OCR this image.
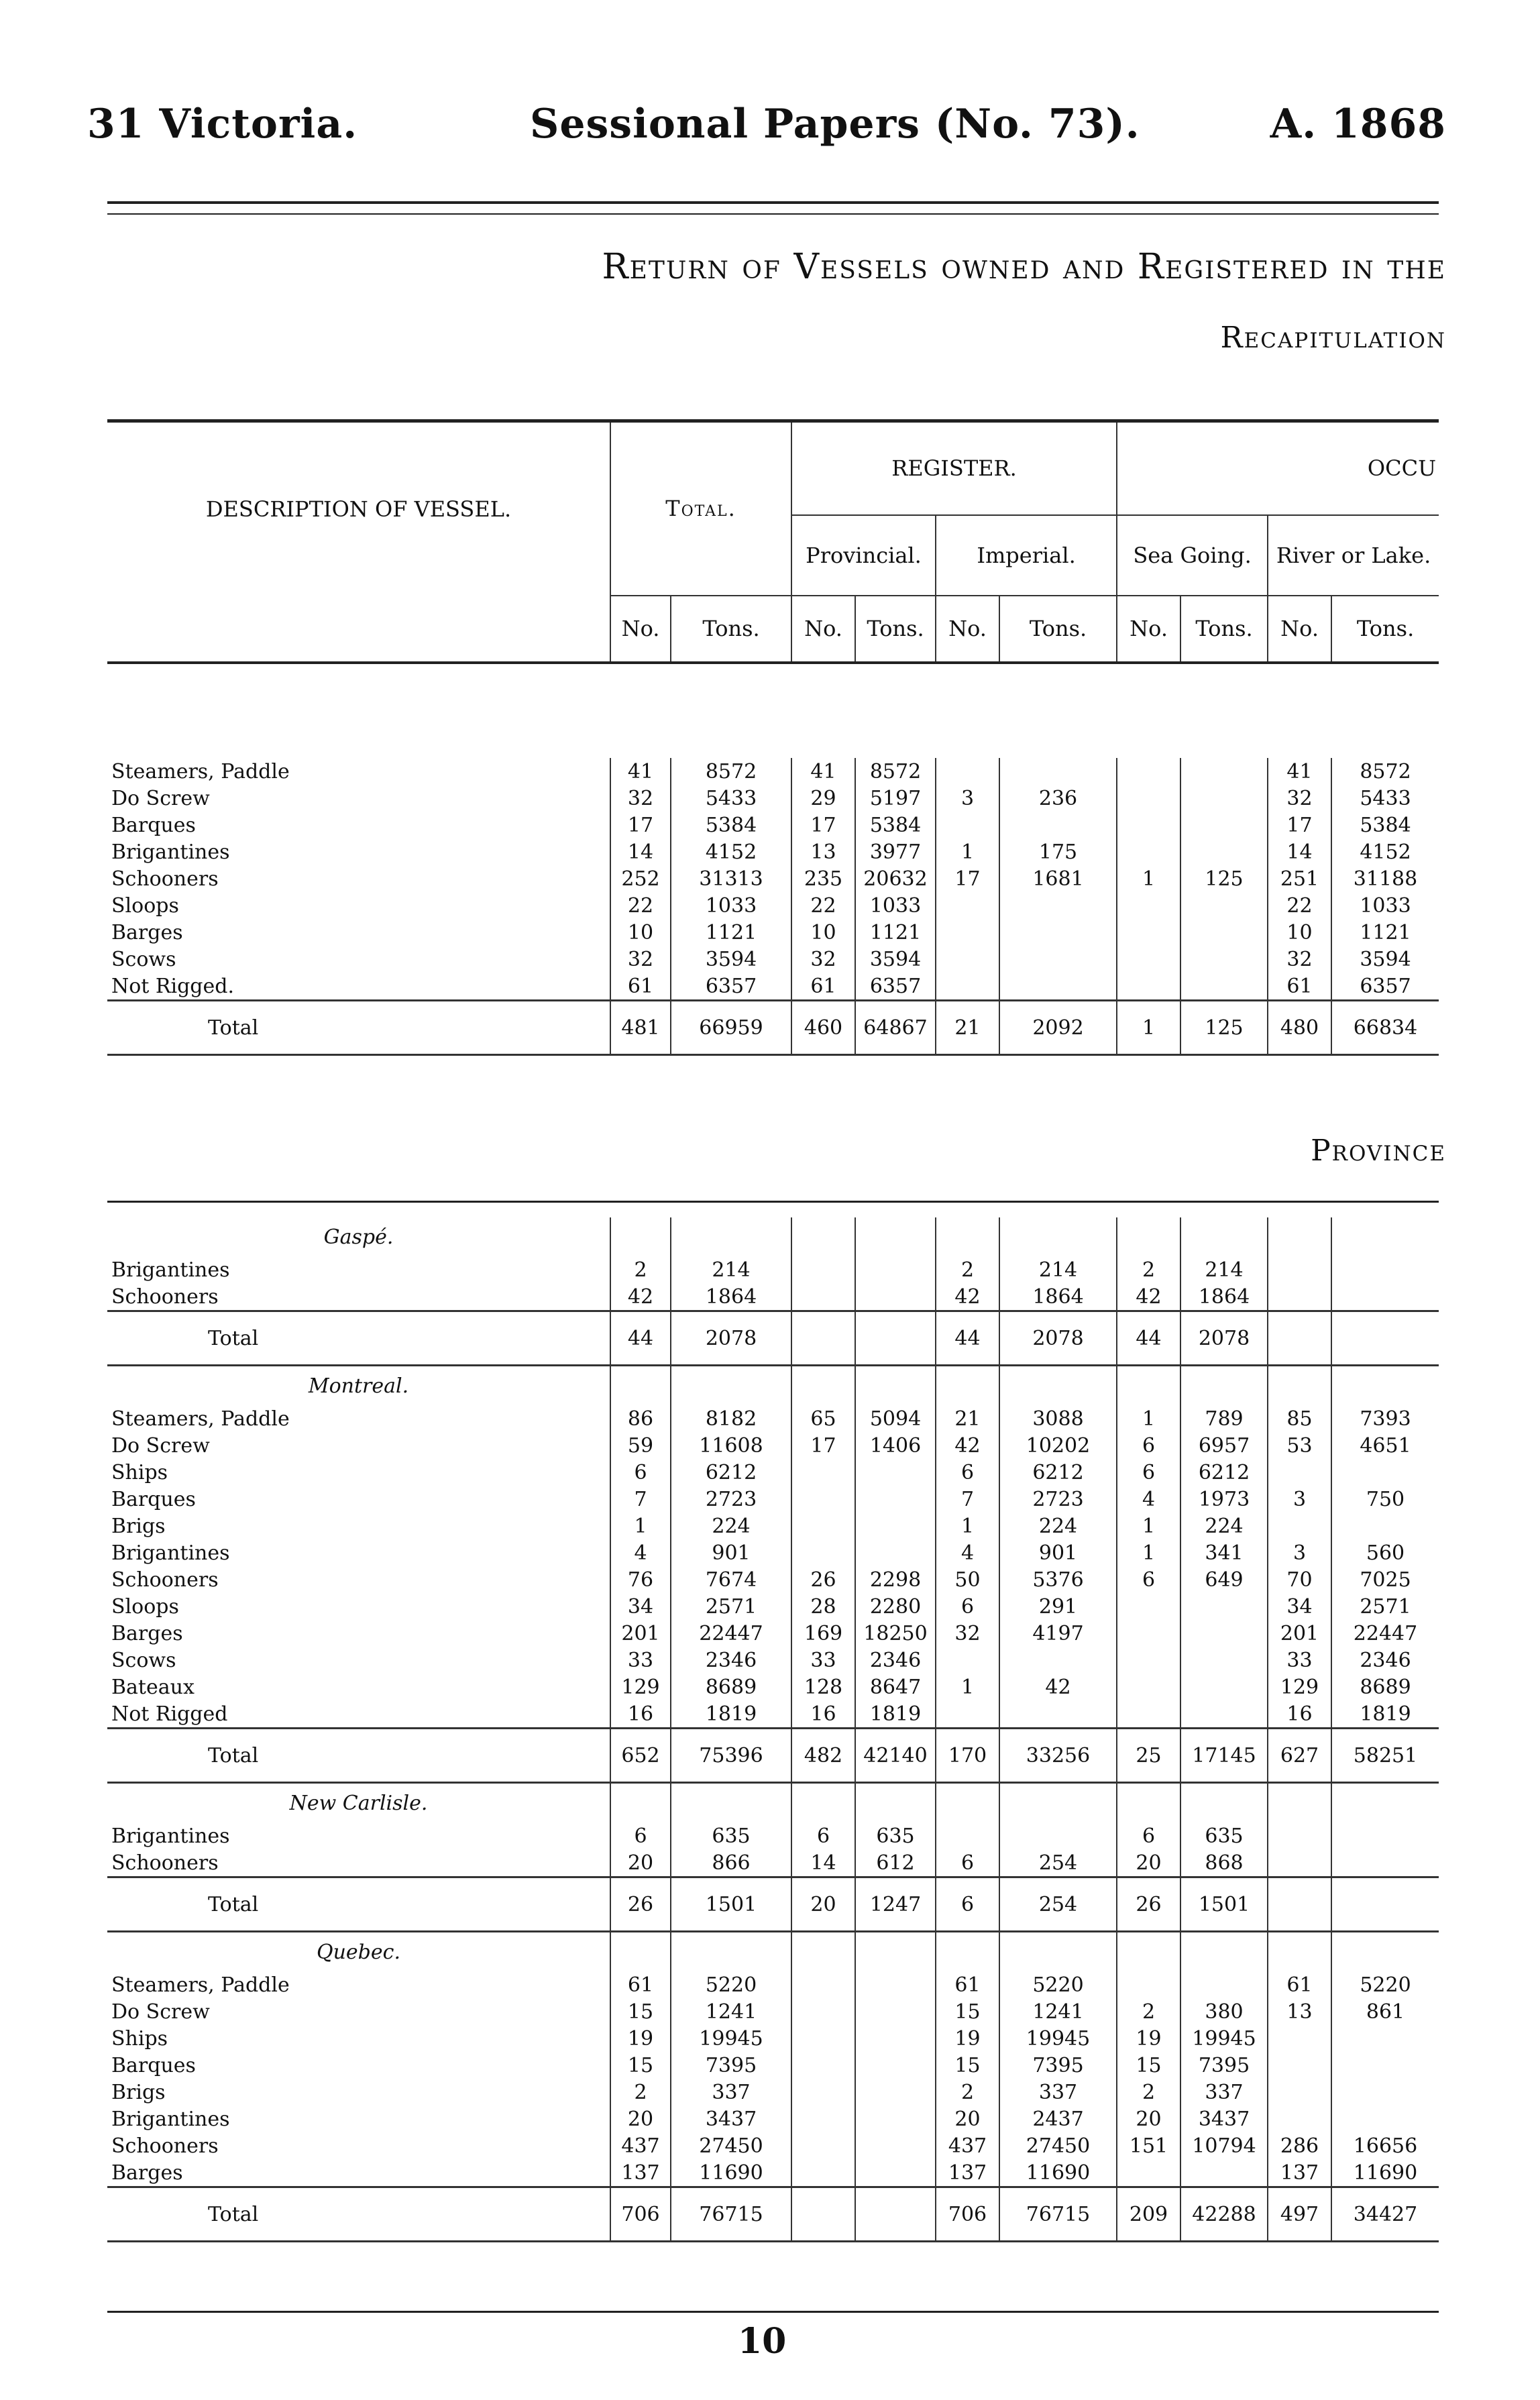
31 Victoria.	Sessional Papers (No. 73).	A. 1868
Return of Vessels owned and Registered in the
Recapitulation
DESCRIPTION OF VESSEL.	Total.		REGISTER.				OCCU			
			Provincial.		Imperial.		Sea Going.		River or Lake.	
	No.	Tons.	No.	Tons.	No.	Tons.	No.	Tons.	No.	Tons.
Steamers, Paddle	41	8572	41	8572					41	8572
Do Screw	32	5433	29	5197	3	236			32	5433
Barques	17	5384	17	5384					17	5384
Brigantines	14	4152	13	3977	1	175			14	4152
Schooners	252	31313	235	20632	17	1681	1	125	251	31188
Sloops	22	1033	22	1033					22	1033
Barges	10	1121	10	1121					10	1121
Scows	32	3594	32	3594					32	3594
Not Rigged.	61	6357	61	6357					61	6357
Total	481	66959	460	64867	21	2092	1	125	480	66834
Province
Gaspé.										
Brigantines	2	214			2	214	2	214		
Schooners	42	1864			42	1864	42	1864		
Total	44	2078			44	2078	44	2078		
Montreal.										
Steamers, Paddle	86	8182	65	5094	21	3088	1	789	85	7393
Do Screw	59	11608	17	1406	42	10202	6	6957	53	4651
Ships	6	6212			6	6212	6	6212		
Barques	7	2723			7	2723	4	1973	3	750
Brigs	1	224			1	224	1	224		
Brigantines	4	901			4	901	1	341	3	560
Schooners	76	7674	26	2298	50	5376	6	649	70	7025
Sloops	34	2571	28	2280	6	291			34	2571
Barges	201	22447	169	18250	32	4197			201	22447
Scows	33	2346	33	2346					33	2346
Bateaux	129	8689	128	8647	1	42			129	8689
Not Rigged	16	1819	16	1819					16	1819
Total	652	75396	482	42140	170	33256	25	17145	627	58251
New Carlisle.										
Brigantines	6	635	6	635			6	635		
Schooners	20	866	14	612	6	254	20	868		
Total	26	1501	20	1247	6	254	26	1501		
Quebec.										
Steamers, Paddle	61	5220			61	5220			61	5220
Do Screw	15	1241			15	1241	2	380	13	861
Ships	19	19945			19	19945	19	19945		
Barques	15	7395			15	7395	15	7395		
Brigs	2	337			2	337	2	337		
Brigantines	20	3437			20	2437	20	3437		
Schooners	437	27450			437	27450	151	10794	286	16656
Barges	137	11690			137	11690			137	11690
Total	706	76715			706	76715	209	42288	497	34427
10
